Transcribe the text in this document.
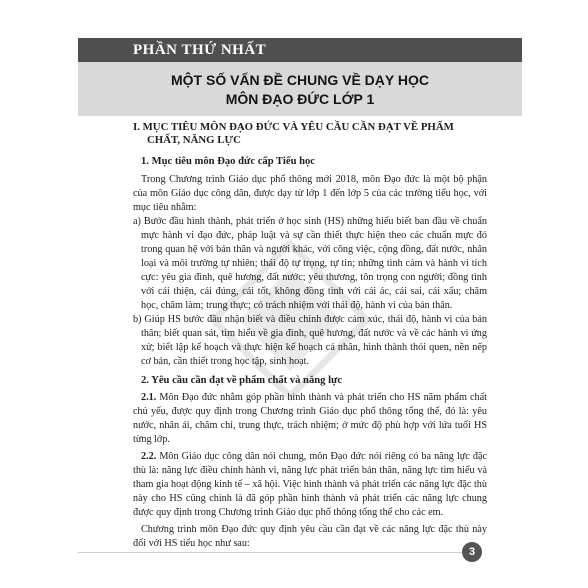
PHẦN THỨ NHẤT
MỘT SỐ VẤN ĐỀ CHUNG VỀ DẠY HỌC
MÔN ĐẠO ĐỨC LỚP 1

I. MỤC TIÊU MÔN ĐẠO ĐỨC VÀ YÊU CẦU CẦN ĐẠT VỀ PHẨM CHẤT, NĂNG LỰC

1. Mục tiêu môn Đạo đức cấp Tiểu học

Trong Chương trình Giáo dục phổ thông mới 2018, môn Đạo đức là một bộ phận của môn Giáo dục công dân, được dạy từ lớp 1 đến lớp 5 của các trường tiểu học, với mục tiêu nhằm:

a) Bước đầu hình thành, phát triển ở học sinh (HS) những hiểu biết ban đầu về chuẩn mực hành vi đạo đức, pháp luật và sự cần thiết thực hiện theo các chuẩn mực đó trong quan hệ với bản thân và người khác, với công việc, cộng đồng, đất nước, nhân loại và môi trường tự nhiên; thái độ tự trọng, tự tin; những tình cảm và hành vi tích cực: yêu gia đình, quê hương, đất nước; yêu thương, tôn trọng con người; đồng tình với cái thiện, cái đúng, cái tốt, không đồng tình với cái ác, cái sai, cái xấu; chăm học, chăm làm; trung thực; có trách nhiệm với thái độ, hành vi của bản thân.

b) Giúp HS bước đầu nhận biết và điều chỉnh được cảm xúc, thái độ, hành vi của bản thân; biết quan sát, tìm hiểu về gia đình, quê hương, đất nước và về các hành vi ứng xử; biết lập kế hoạch và thực hiện kế hoạch cá nhân, hình thành thói quen, nền nếp cơ bản, cần thiết trong học tập, sinh hoạt.

2. Yêu cầu cần đạt về phẩm chất và năng lực

2.1. Môn Đạo đức nhằm góp phần hình thành và phát triển cho HS năm phẩm chất chủ yếu, được quy định trong Chương trình Giáo dục phổ thông tổng thể, đó là: yêu nước, nhân ái, chăm chỉ, trung thực, trách nhiệm; ở mức độ phù hợp với lứa tuổi HS từng lớp.

2.2. Môn Giáo dục công dân nói chung, môn Đạo đức nói riêng có ba năng lực đặc thù là: năng lực điều chỉnh hành vi, năng lực phát triển bản thân, năng lực tìm hiểu và tham gia hoạt động kinh tế – xã hội. Việc hình thành và phát triển các năng lực đặc thù này cho HS cũng chính là đã góp phần hình thành và phát triển các năng lực chung được quy định trong Chương trình Giáo dục phổ thông tổng thể cho các em.

Chương trình môn Đạo đức quy định yêu cầu cần đạt về các năng lực đặc thù này đối với HS tiểu học như sau:

3
